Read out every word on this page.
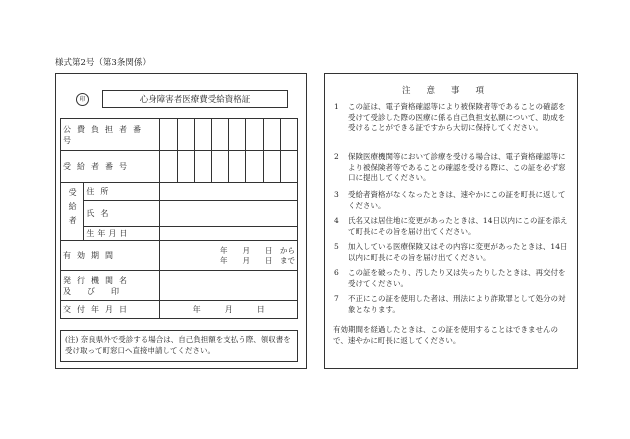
様式第2号（第3条関係）
印	心身障害者医療費受給資格証
公費負担者番号									
受給者番号									
受給者	住所								
	氏名								
	生年月日								
有効期間		年　　月　　日　から
年　　月　　日　まで							

発行機関名
及　　び　　印									

交付年月日		年　　　月　　　日							
(注) 奈良県外で受診する場合は、自己負担額を支払う際、領収書を受け取って町窓口へ直接申請してください。
注意事項
1	この証は、電子資格確認等により被保険者等であることの確認を受けて受診した際の医療に係る自己負担支払額について、助成を受けることができる証ですから大切に保持してください。
2	保険医療機関等において診療を受ける場合は、電子資格確認等により被保険者等であることの確認を受ける際に、この証を必ず窓口に提出してください。
3	受給者資格がなくなったときは、速やかにこの証を町長に返してください。
4	氏名又は居住地に変更があったときは、14日以内にこの証を添えて町長にその旨を届け出てください。
5	加入している医療保険又はその内容に変更があったときは、14日以内に町長にその旨を届け出てください。
6	この証を破ったり、汚したり又は失ったりしたときは、再交付を受けてください。
7	不正にこの証を使用した者は、刑法により詐欺罪として処分の対象となります。
有効期間を経過したときは、この証を使用することはできませんので、速やかに町長に返してください。
